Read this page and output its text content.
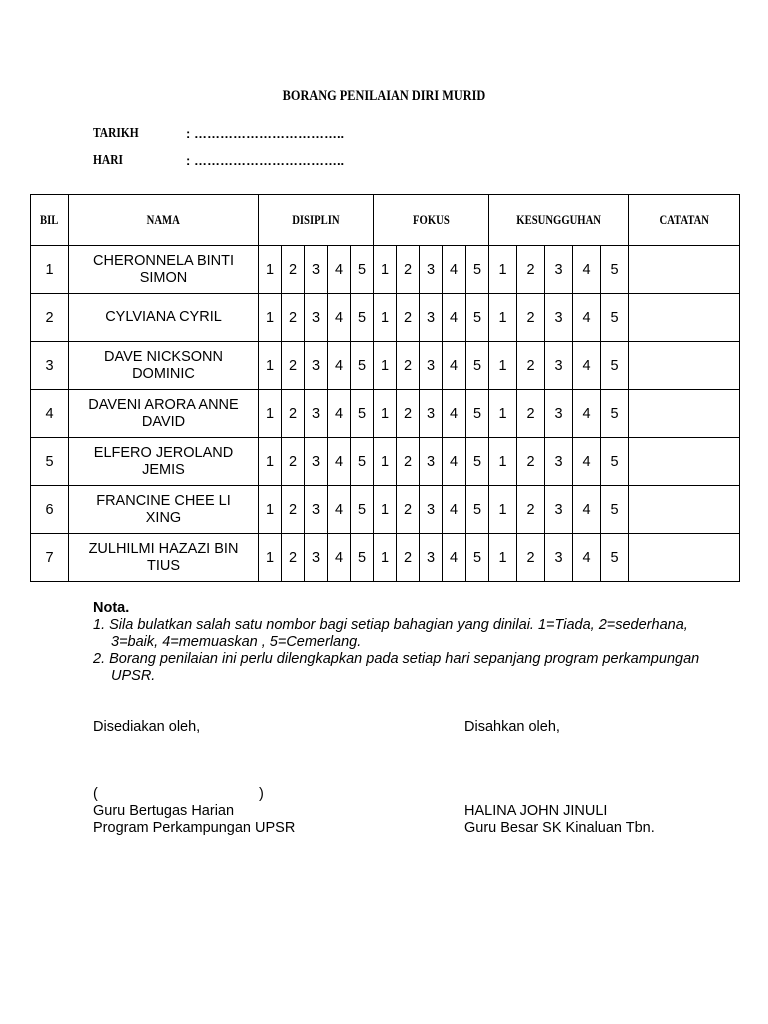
BORANG PENILAIAN DIRI MURID
TARIKH	: ……………………………..
HARI	: ……………………………..
BIL	NAMA	DISIPLIN					FOKUS					KESUNGGUHAN					CATATAN
1	CHERONNELA BINTI
SIMON	1	2	3	4	5	1	2	3	4	5	1	2	3	4	5	
2	CYLVIANA CYRIL	1	2	3	4	5	1	2	3	4	5	1	2	3	4	5	
3	DAVE NICKSONN
DOMINIC	1	2	3	4	5	1	2	3	4	5	1	2	3	4	5	
4	DAVENI ARORA ANNE
DAVID	1	2	3	4	5	1	2	3	4	5	1	2	3	4	5	
5	ELFERO JEROLAND
JEMIS	1	2	3	4	5	1	2	3	4	5	1	2	3	4	5	
6	FRANCINE CHEE LI
XING	1	2	3	4	5	1	2	3	4	5	1	2	3	4	5	
7	ZULHILMI HAZAZI BIN
TIUS	1	2	3	4	5	1	2	3	4	5	1	2	3	4	5	
Nota.
1. Sila bulatkan salah satu nombor bagi setiap bahagian yang dinilai. 1=Tiada, 2=sederhana, 3=baik, 4=memuaskan , 5=Cemerlang.
2. Borang penilaian ini perlu dilengkapkan pada setiap hari sepanjang program perkampungan UPSR.
Disediakan oleh,	Disahkan oleh,
(                                        )
Guru Bertugas Harian
Program Perkampungan UPSR
HALINA JOHN JINULI
Guru Besar SK Kinaluan Tbn.
